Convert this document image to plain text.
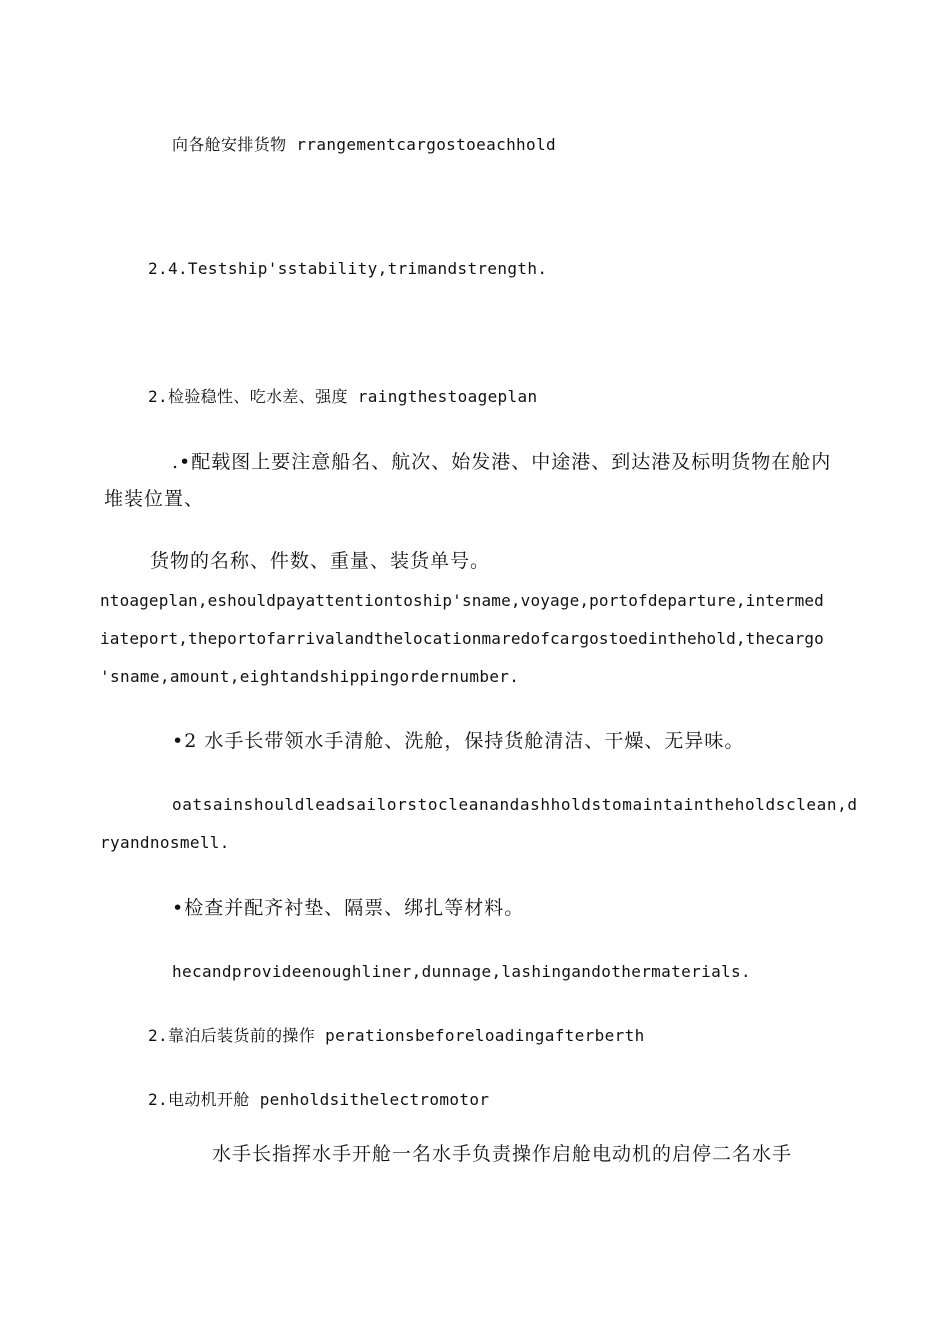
向各舱安排货物 rrangementcargostoeachhold
2.4.Testship'sstability,trimandstrength.
2.检验稳性、吃水差、强度 raingthestoageplan
.•配载图上要注意船名、航次、始发港、中途港、到达港及标明货物在舱内
堆装位置、
货物的名称、件数、重量、装货单号。
ntoageplan,eshouldpayattentiontoship'sname,voyage,portofdeparture,intermed
iateport,theportofarrivalandthelocationmaredofcargostoedinthehold,thecargo
'sname,amount,eightandshippingordernumber.
•2 水手长带领水手清舱、洗舱，保持货舱清洁、干燥、无异味。
oatsainshouldleadsailorstocleanandashholdstomaintaintheholdsclean,d
ryandnosmell.
•检查并配齐衬垫、隔票、绑扎等材料。
hecandprovideenoughliner,dunnage,lashingandothermaterials.
2.靠泊后装货前的操作 perationsbeforeloadingafterberth
2.电动机开舱 penholdsithelectromotor
水手长指挥水手开舱一名水手负责操作启舱电动机的启停二名水手
